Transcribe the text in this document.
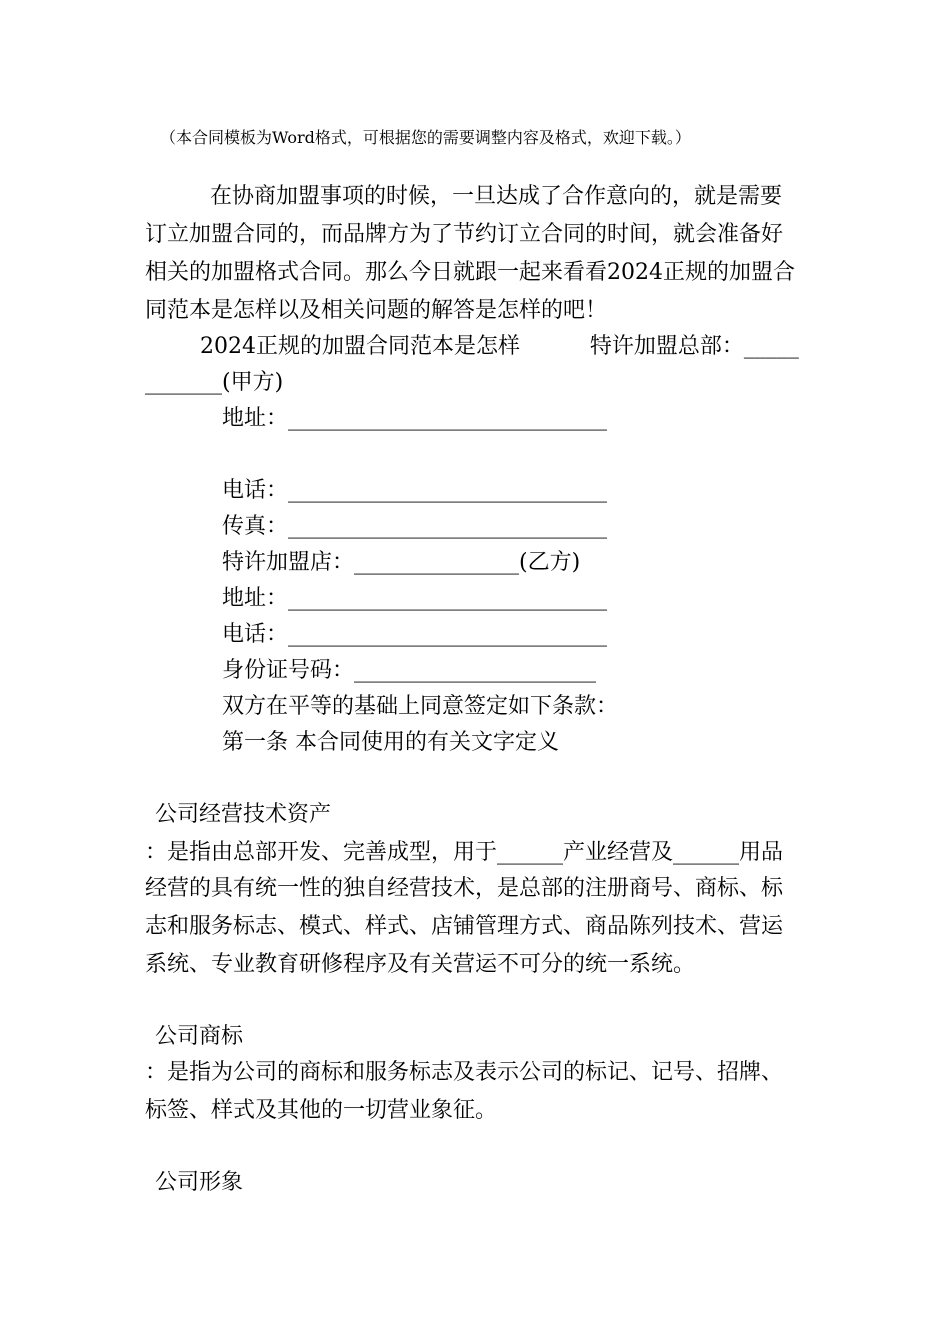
（本合同模板为Word格式，可根据您的需要调整内容及格式，欢迎下载。）
在协商加盟事项的时候，一旦达成了合作意向的，就是需要
订立加盟合同的，而品牌方为了节约订立合同的时间，就会准备好
相关的加盟格式合同。那么今日就跟一起来看看2024正规的加盟合
同范本是怎样以及相关问题的解答是怎样的吧！
2024正规的加盟合同范本是怎样          特许加盟总部：_____
_______(甲方)
地址：_____________________________
电话：_____________________________
传真：_____________________________
特许加盟店：_______________(乙方)
地址：_____________________________
电话：_____________________________
身份证号码：______________________
双方在平等的基础上同意签定如下条款：
第一条 本合同使用的有关文字定义
公司经营技术资产
：是指由总部开发、完善成型，用于______产业经营及______用品
经营的具有统一性的独自经营技术，是总部的注册商号、商标、标
志和服务标志、模式、样式、店铺管理方式、商品陈列技术、营运
系统、专业教育研修程序及有关营运不可分的统一系统。
公司商标
：是指为公司的商标和服务标志及表示公司的标记、记号、招牌、
标签、样式及其他的一切营业象征。
公司形象
